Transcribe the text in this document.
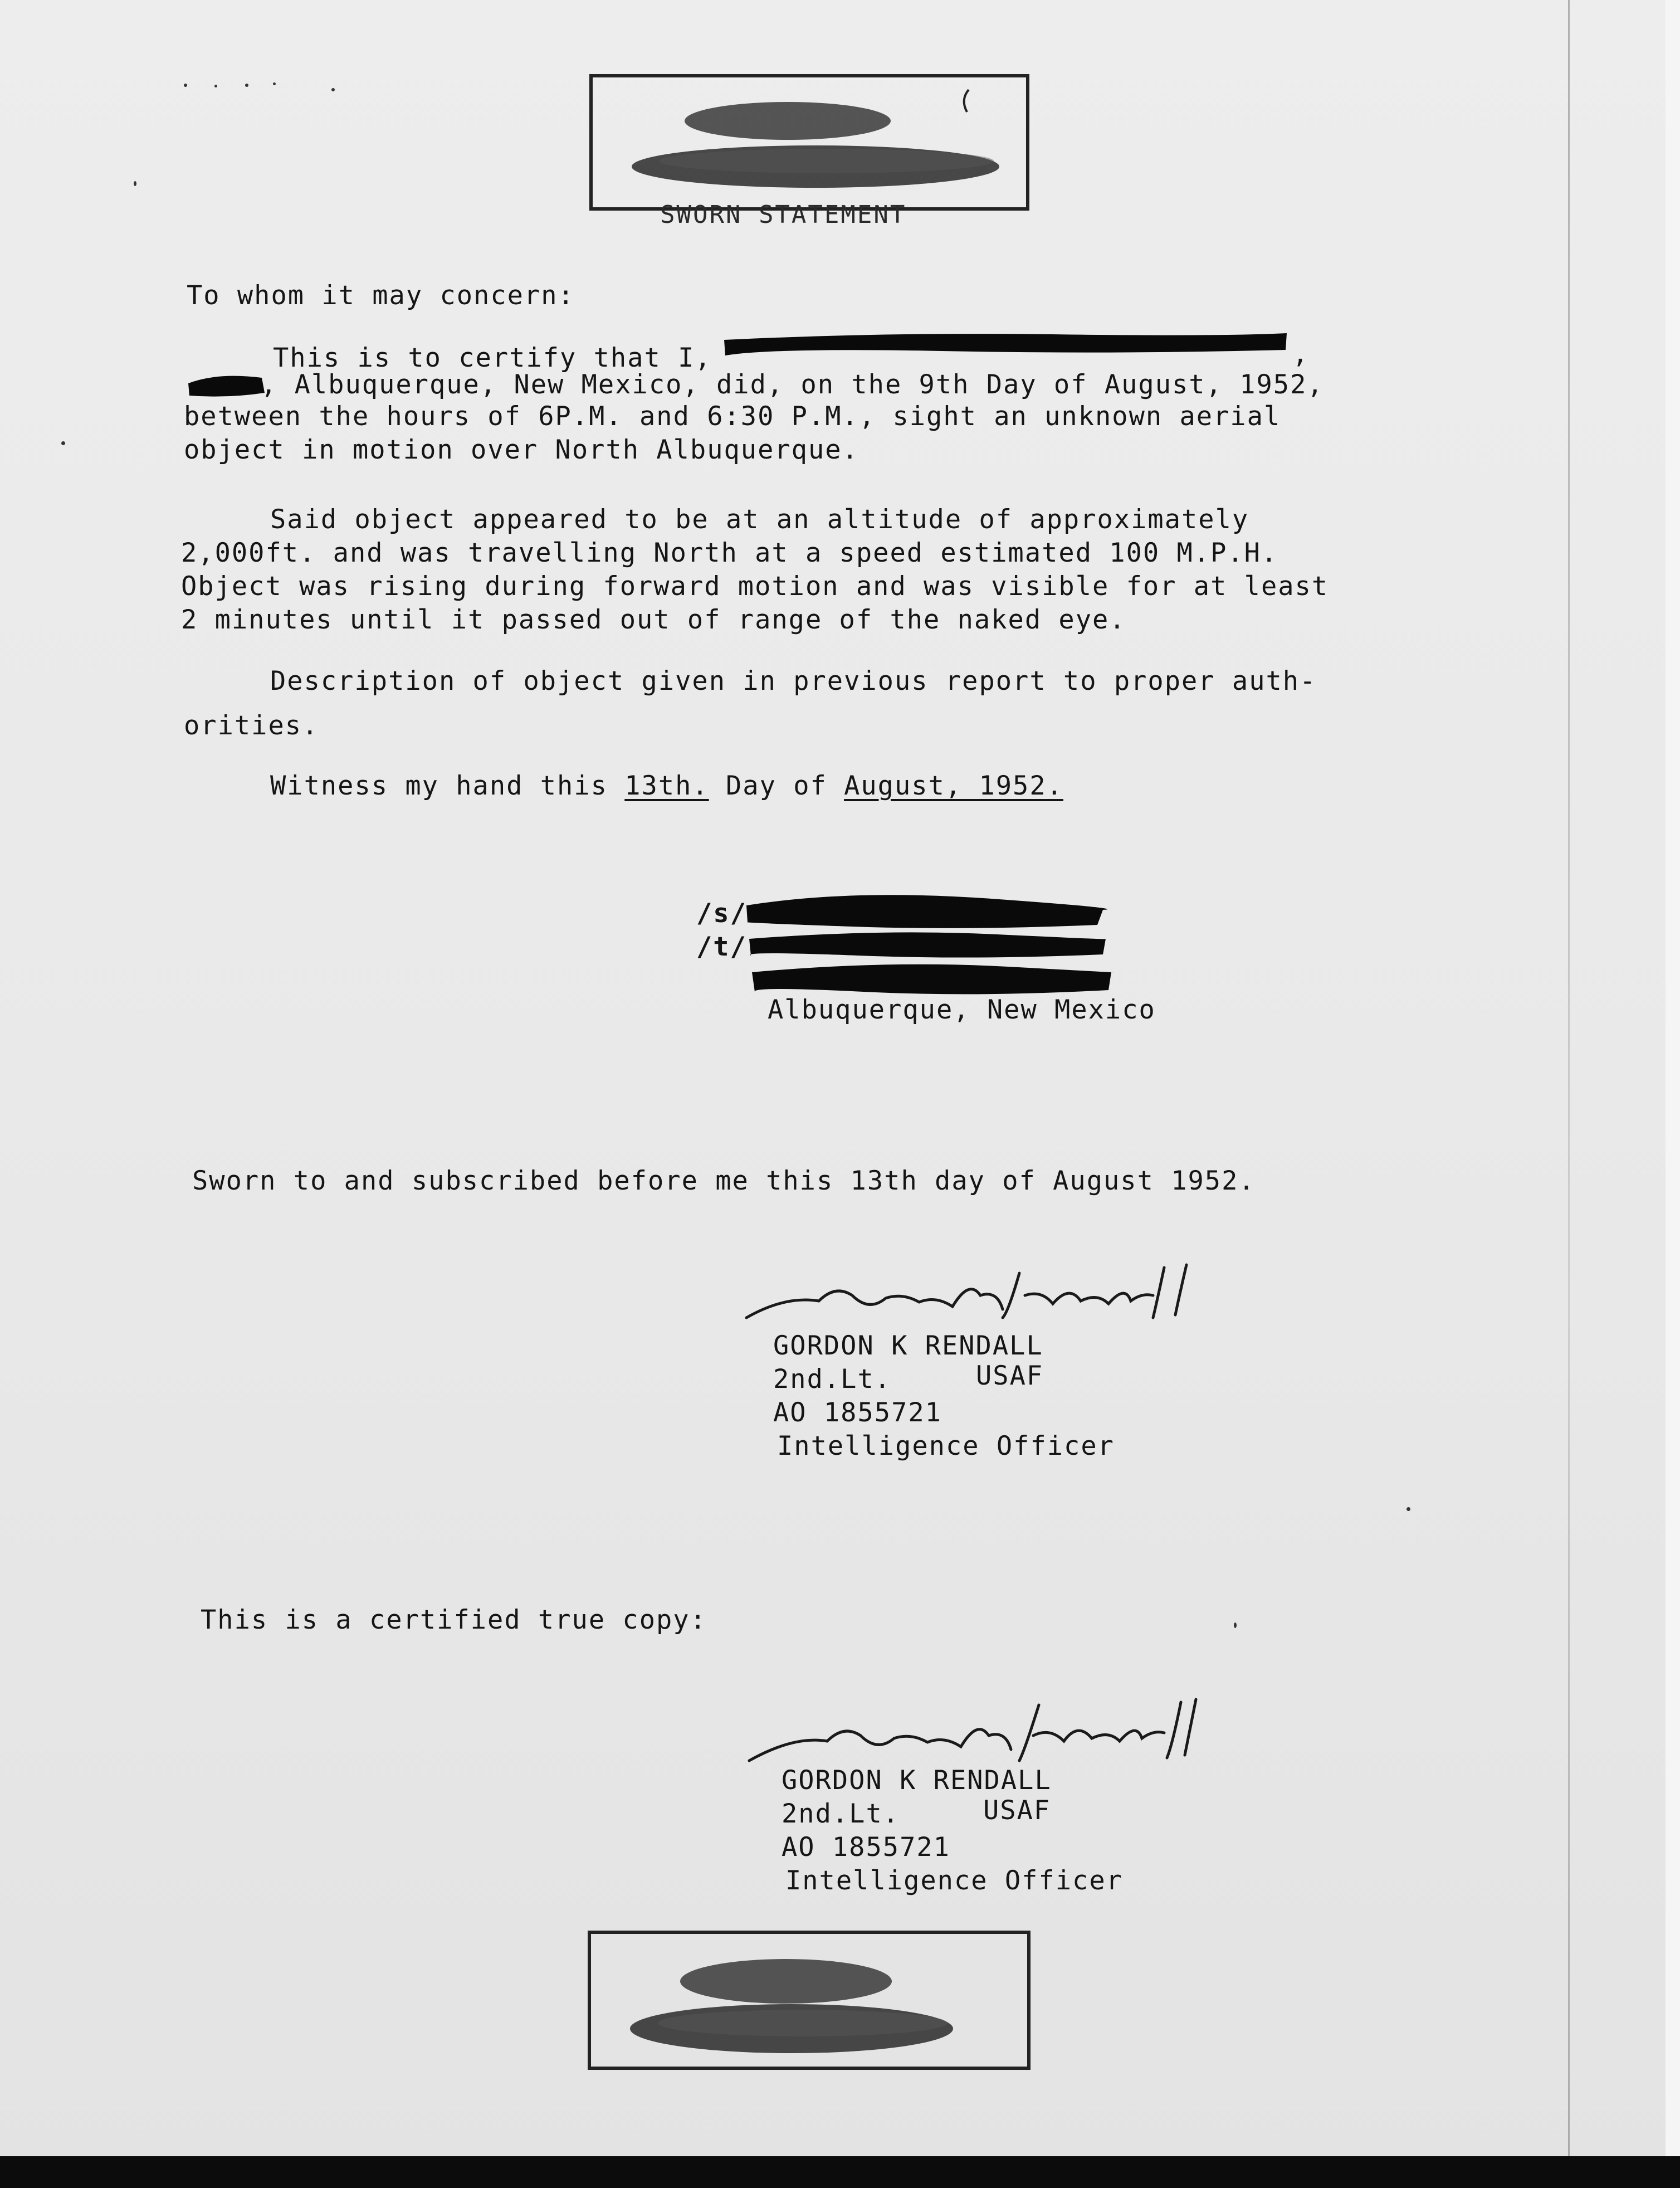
SWORN STATEMENT
To whom it may concern:
This is to certify that I,	,
, Albuquerque, New Mexico, did, on the 9th Day of August, 1952,
between the hours of 6P.M. and 6:30 P.M., sight an unknown aerial
object in motion over North Albuquerque.
Said object appeared to be at an altitude of approximately
2,000ft. and was travelling North at a speed estimated 100 M.P.H.
Object was rising during forward motion and was visible for at least
2 minutes until it passed out of range of the naked eye.
Description of object given in previous report to proper auth-
orities.
Witness my hand this 13th. Day of August, 1952.
/s/
/t/
Albuquerque, New Mexico
Sworn to and subscribed before me this 13th day of August 1952.
GORDON K RENDALL
2nd.Lt.	USAF
AO 1855721
Intelligence Officer
This is a certified true copy:
GORDON K RENDALL
2nd.Lt.	USAF
AO 1855721
Intelligence Officer
